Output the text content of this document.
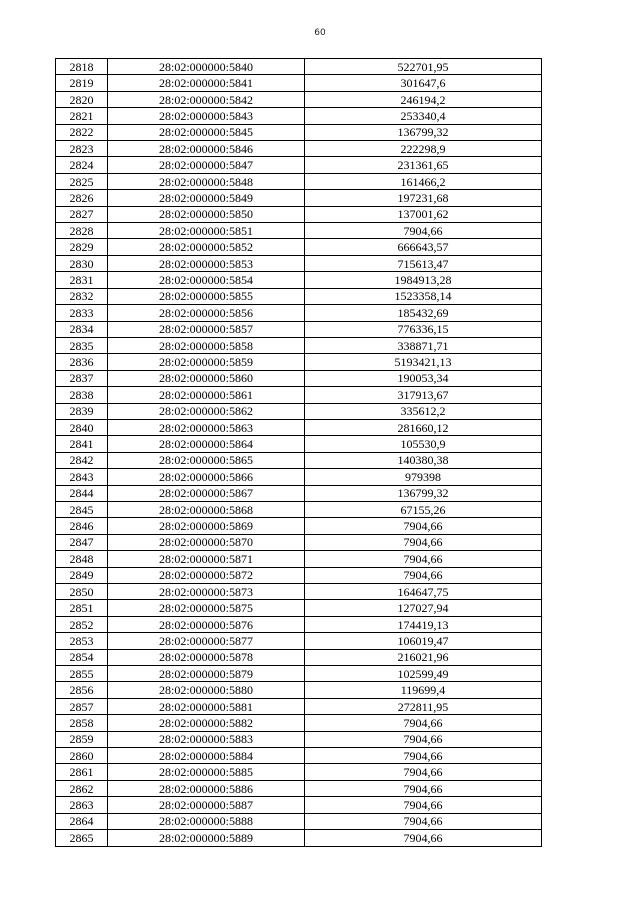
60
2818	28:02:000000:5840	522701,95
2819	28:02:000000:5841	301647,6
2820	28:02:000000:5842	246194,2
2821	28:02:000000:5843	253340,4
2822	28:02:000000:5845	136799,32
2823	28:02:000000:5846	222298,9
2824	28:02:000000:5847	231361,65
2825	28:02:000000:5848	161466,2
2826	28:02:000000:5849	197231,68
2827	28:02:000000:5850	137001,62
2828	28:02:000000:5851	7904,66
2829	28:02:000000:5852	666643,57
2830	28:02:000000:5853	715613,47
2831	28:02:000000:5854	1984913,28
2832	28:02:000000:5855	1523358,14
2833	28:02:000000:5856	185432,69
2834	28:02:000000:5857	776336,15
2835	28:02:000000:5858	338871,71
2836	28:02:000000:5859	5193421,13
2837	28:02:000000:5860	190053,34
2838	28:02:000000:5861	317913,67
2839	28:02:000000:5862	335612,2
2840	28:02:000000:5863	281660,12
2841	28:02:000000:5864	105530,9
2842	28:02:000000:5865	140380,38
2843	28:02:000000:5866	979398
2844	28:02:000000:5867	136799,32
2845	28:02:000000:5868	67155,26
2846	28:02:000000:5869	7904,66
2847	28:02:000000:5870	7904,66
2848	28:02:000000:5871	7904,66
2849	28:02:000000:5872	7904,66
2850	28:02:000000:5873	164647,75
2851	28:02:000000:5875	127027,94
2852	28:02:000000:5876	174419,13
2853	28:02:000000:5877	106019,47
2854	28:02:000000:5878	216021,96
2855	28:02:000000:5879	102599,49
2856	28:02:000000:5880	119699,4
2857	28:02:000000:5881	272811,95
2858	28:02:000000:5882	7904,66
2859	28:02:000000:5883	7904,66
2860	28:02:000000:5884	7904,66
2861	28:02:000000:5885	7904,66
2862	28:02:000000:5886	7904,66
2863	28:02:000000:5887	7904,66
2864	28:02:000000:5888	7904,66
2865	28:02:000000:5889	7904,66
